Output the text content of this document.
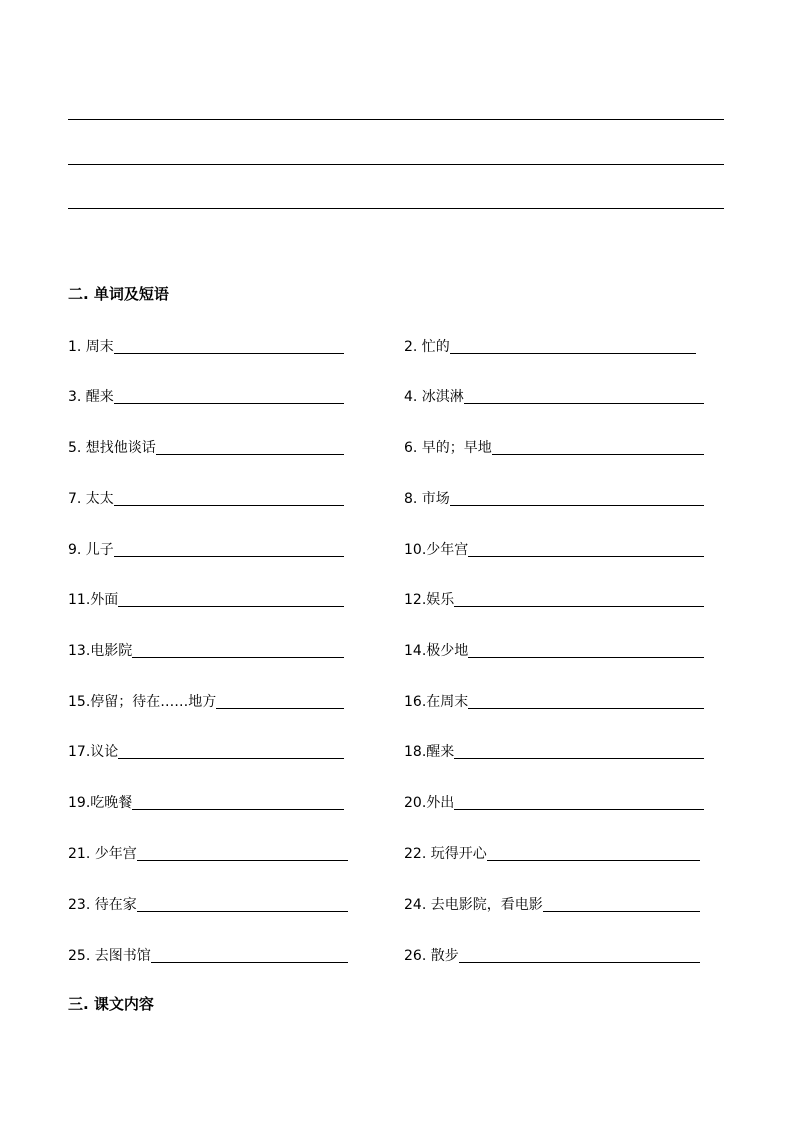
二. 单词及短语
1. 周末
3. 醒来
5. 想找他谈话
7. 太太
9. 儿子
11.外面
13.电影院
15.停留；待在……地方
17.议论
19.吃晚餐
21. 少年宫
23. 待在家
25. 去图书馆
2. 忙的
4. 冰淇淋
6. 早的；早地
8. 市场
10.少年宫
12.娱乐
14.极少地
16.在周末
18.醒来
20.外出
22. 玩得开心
24. 去电影院，看电影
26. 散步
三. 课文内容
